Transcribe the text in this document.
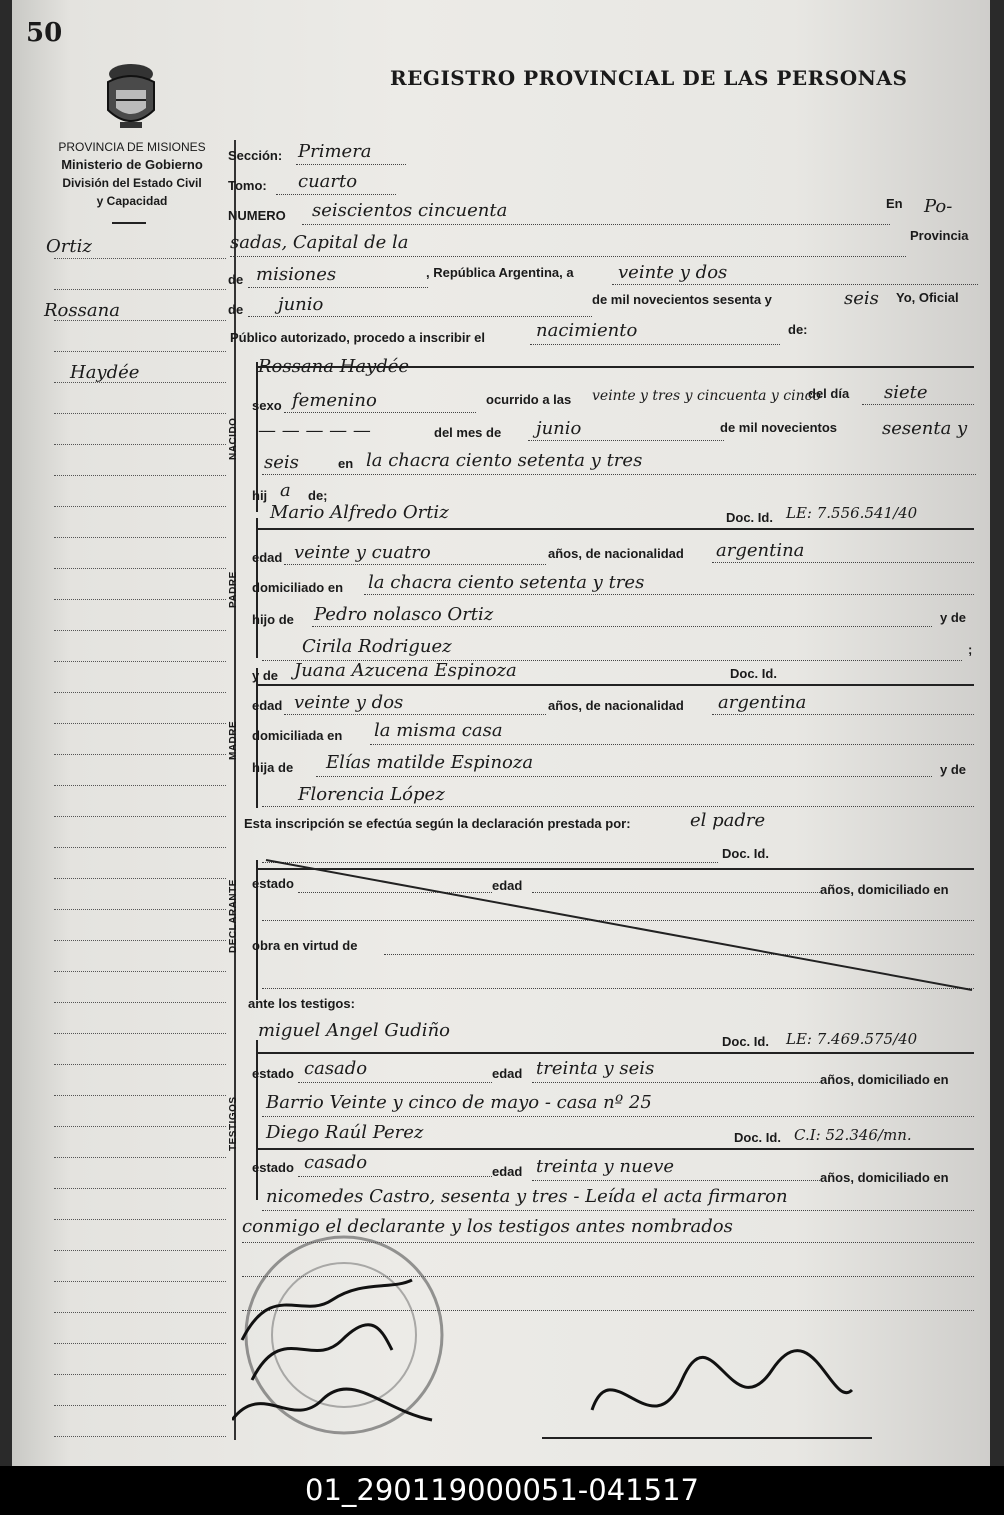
50
PROVINCIA DE MISIONES
Ministerio de Gobierno
División del Estado Civil
y Capacidad
REGISTRO PROVINCIAL DE LAS PERSONAS
Ortiz
Rossana
Haydée
Sección: Primera
Tomo: cuarto
NUMERO seiscientos cincuenta	En Po-
sadas, Capital de la	Provincia
de misiones	, República Argentina, a veinte y dos
de junio	de mil novecientos sesenta y	seis Yo, Oficial
Público autorizado, procedo a inscribir el	nacimiento	de:
NACIDO
Rossana Haydée
sexo femenino	ocurrido a las veinte y tres y cincuenta y cinco
del día siete
— — — — —	del mes de junio	de mil novecientos sesenta y
seis	en la chacra ciento setenta y tres
hij a de;
PADRE
Mario Alfredo Ortiz	Doc. Id. LE: 7.556.541/40
edad veinte y cuatro	años, de nacionalidad argentina
domiciliado en la chacra ciento setenta y tres
hijo de Pedro nolasco Ortiz	y de
Cirila Rodriguez	;
MADRE
y de Juana Azucena Espinoza	Doc. Id.
edad veinte y dos	años, de nacionalidad argentina
domiciliada en la misma casa
hija de Elías matilde Espinoza	y de
Florencia López
Esta inscripción se efectúa según la declaración prestada por:	el padre
DECLARANTE
Doc. Id.
estado	edad	años, domiciliado en
obra en virtud de
ante los testigos:
TESTIGOS
miguel Angel Gudiño
Doc. Id. LE: 7.469.575/40
estado casado	edad treinta y seis
años, domiciliado en
Barrio Veinte y cinco de mayo - casa nº 25
Diego Raúl Perez	Doc. Id. C.I: 52.346/mn.
estado casado	edad treinta y nueve
años, domiciliado en
nicomedes Castro, sesenta y tres - Leída el acta firmaron
conmigo el declarante y los testigos antes nombrados
01_290119000051-041517
